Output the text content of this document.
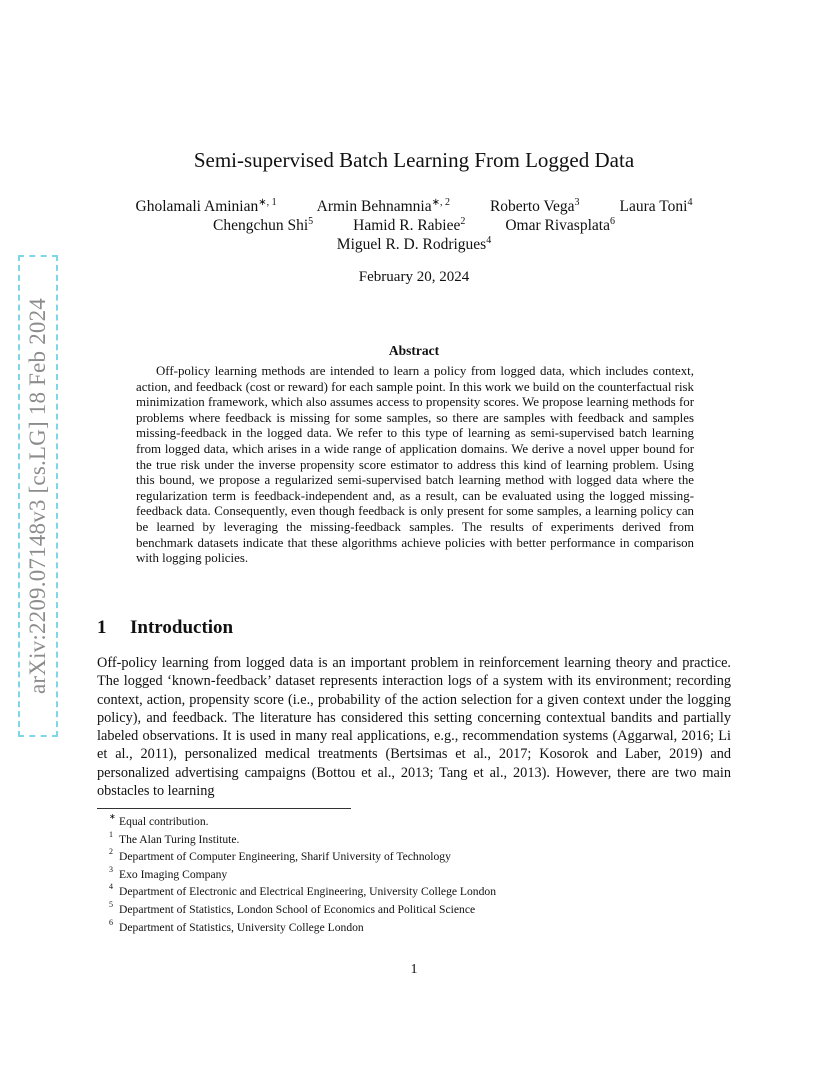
arXiv:2209.07148v3 [cs.LG] 18 Feb 2024
Semi-supervised Batch Learning From Logged Data
Gholamali Aminian$^{∗, 1}$	Armin Behnamnia$^{∗, 2}$	Roberto Vega$^3$	Laura Toni$^4$
Chengchun Shi$^5$	Hamid R. Rabiee$^2$	Omar Rivasplata$^6$
Miguel R. D. Rodrigues$^4$
February 20, 2024
Abstract
Off-policy learning methods are intended to learn a policy from logged data, which includes context, action, and feedback (cost or reward) for each sample point. In this work we build on the counterfactual risk minimization framework, which also assumes access to propensity scores. We propose learning methods for problems where feedback is missing for some samples, so there are samples with feedback and samples missing-feedback in the logged data. We refer to this type of learning as semi-supervised batch learning from logged data, which arises in a wide range of application domains. We derive a novel upper bound for the true risk under the inverse propensity score estimator to address this kind of learning problem. Using this bound, we propose a regularized semi-supervised batch learning method with logged data where the regularization term is feedback-independent and, as a result, can be evaluated using the logged missing-feedback data. Consequently, even though feedback is only present for some samples, a learning policy can be learned by leveraging the missing-feedback samples. The results of experiments derived from benchmark datasets indicate that these algorithms achieve policies with better performance in comparison with logging policies.
1 Introduction
Off-policy learning from logged data is an important problem in reinforcement learning theory and practice. The logged ‘known-feedback’ dataset represents interaction logs of a system with its environment; recording context, action, propensity score (i.e., probability of the action selection for a given context under the logging policy), and feedback. The literature has considered this setting concerning contextual bandits and partially labeled observations. It is used in many real applications, e.g., recommendation systems (Aggarwal, 2016; Li et al., 2011), personalized medical treatments (Bertsimas et al., 2017; Kosorok and Laber, 2019) and personalized advertising campaigns (Bottou et al., 2013; Tang et al., 2013). However, there are two main obstacles to learning
∗ Equal contribution.
1 The Alan Turing Institute.
2 Department of Computer Engineering, Sharif University of Technology
3 Exo Imaging Company
4 Department of Electronic and Electrical Engineering, University College London
5 Department of Statistics, London School of Economics and Political Science
6 Department of Statistics, University College London
1
